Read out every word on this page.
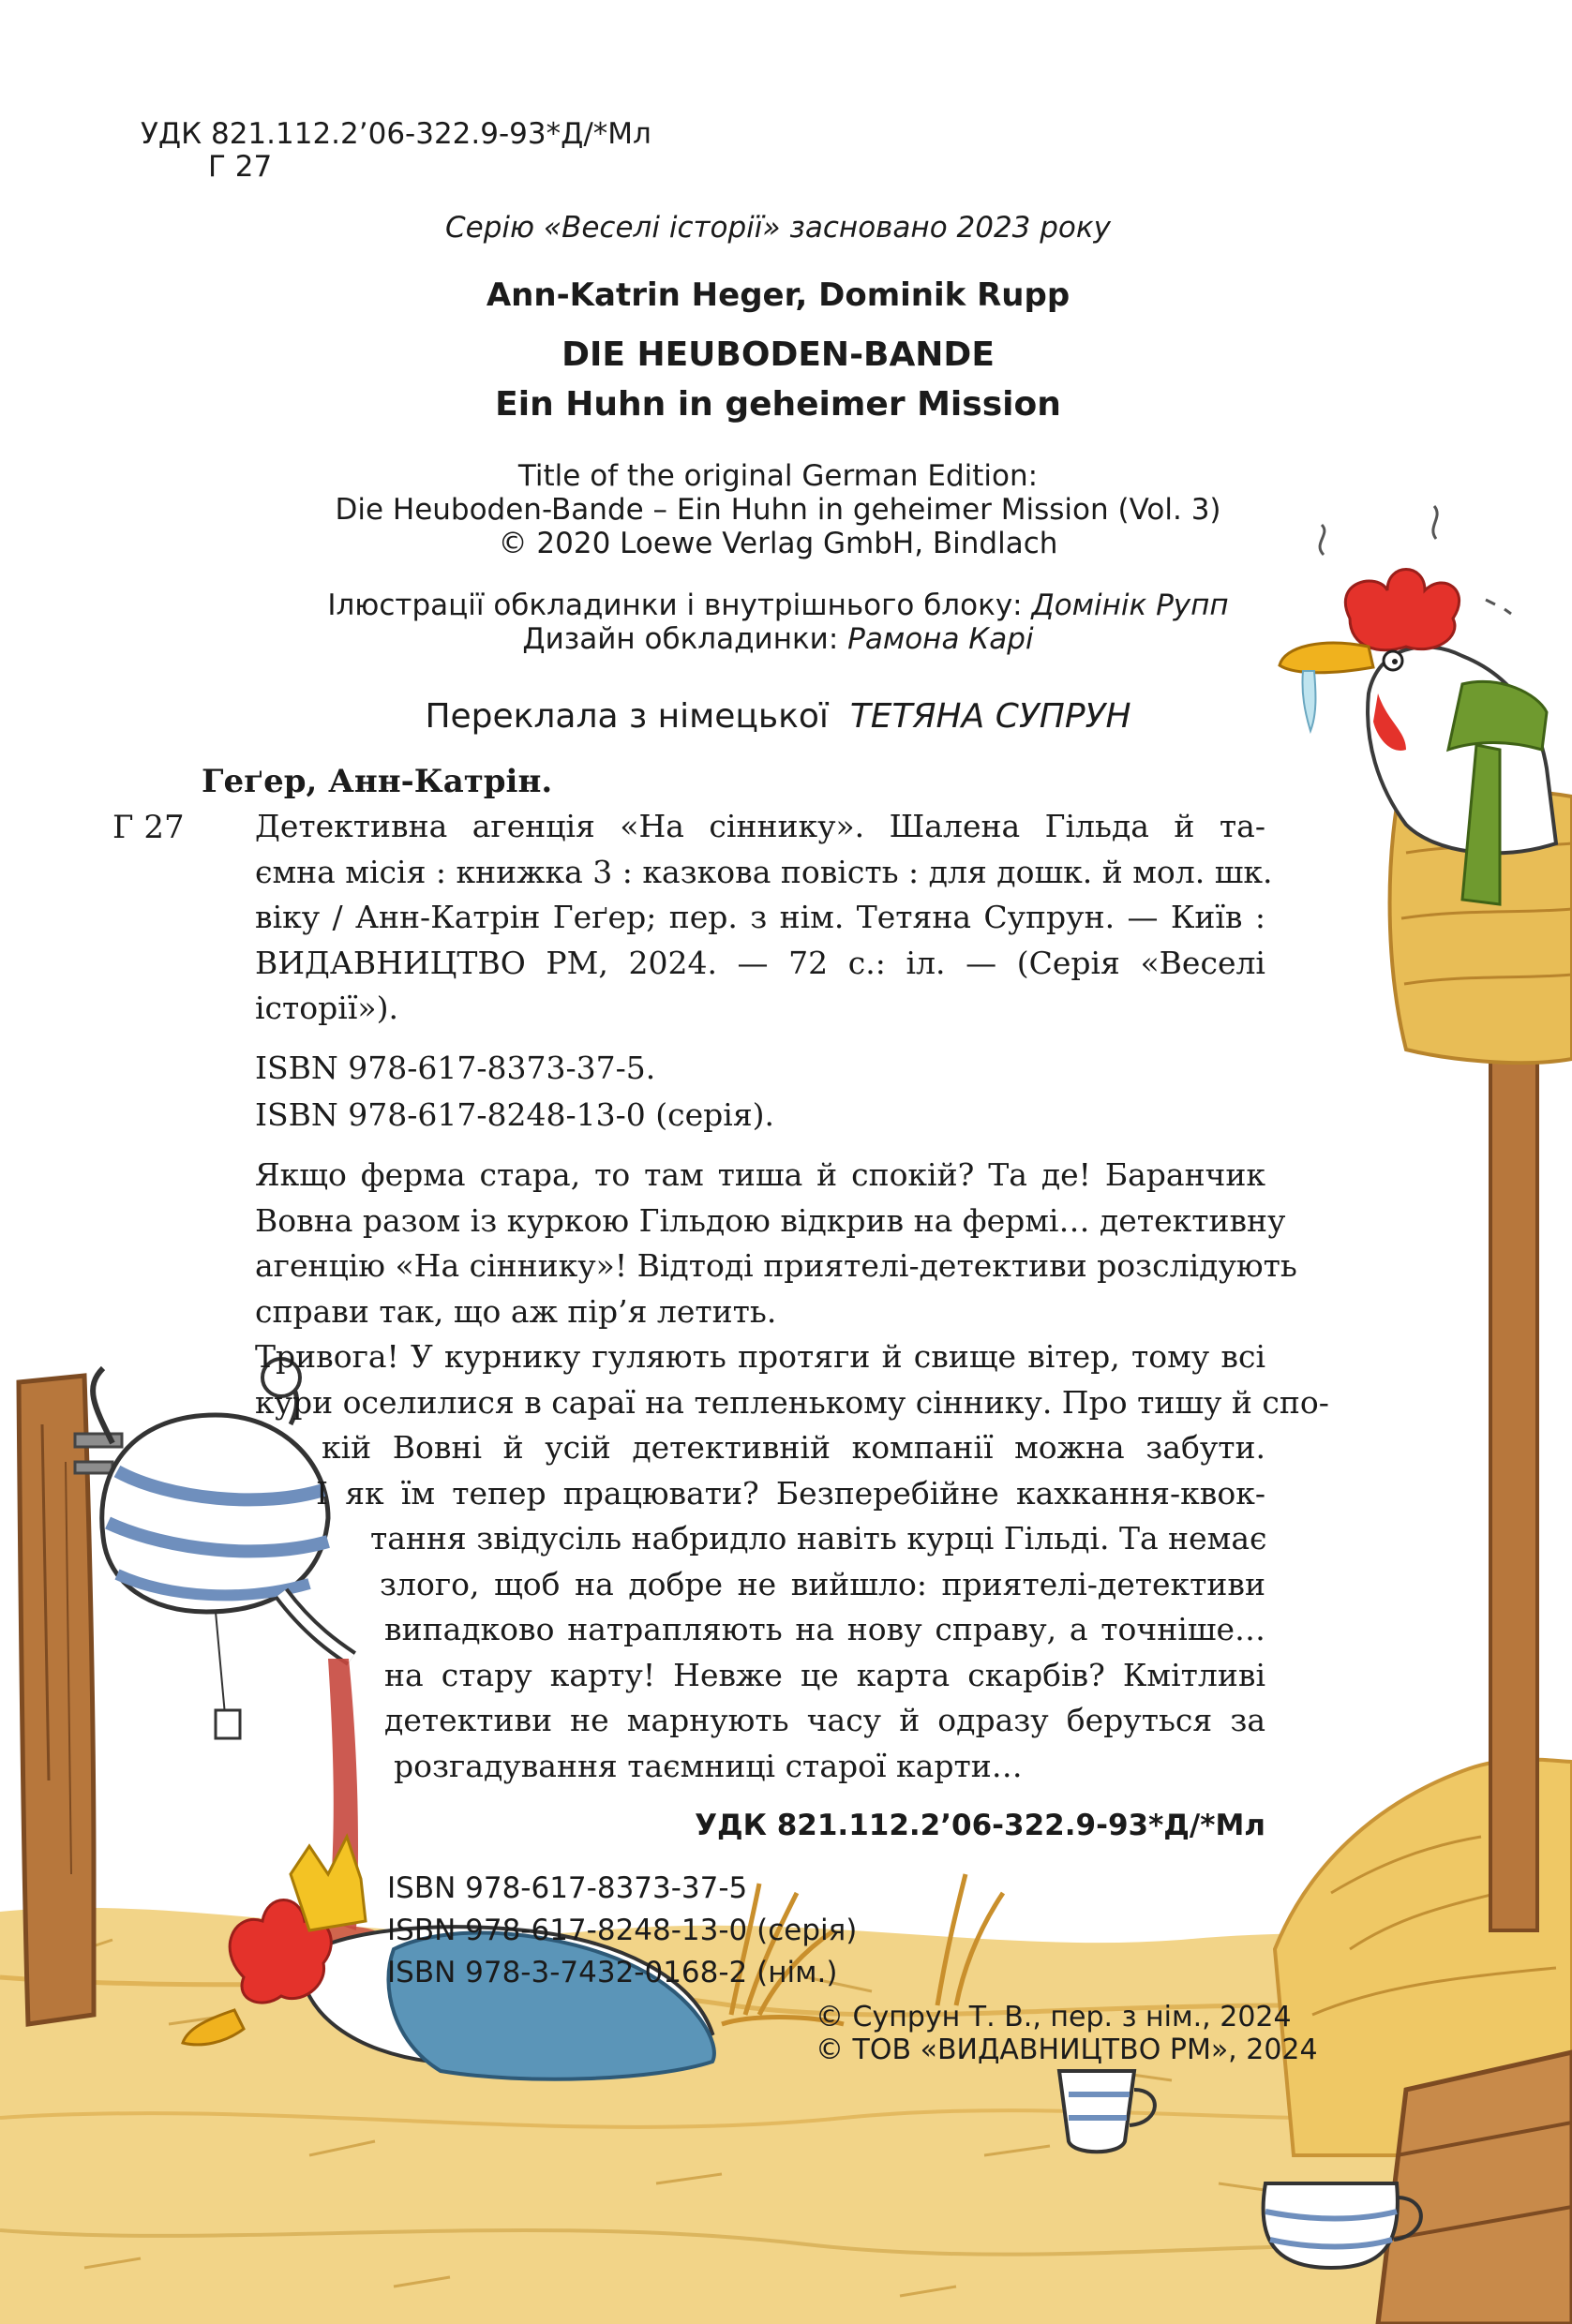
УДК 821.112.2’06-322.9-93*Д/*Мл

Г 27

Серію «Веселі історії» засновано 2023 року

Ann-Katrin Heger, Dominik Rupp

DIE HEUBODEN-BANDE

Ein Huhn in geheimer Mission

Title of the original German Edition:

Die Heuboden-Bande – Ein Huhn in geheimer Mission (Vol. 3)

© 2020 Loewe Verlag GmbH, Bindlach

Ілюстрації обкладинки і внутрішнього блоку: Домінік Рупп

Дизайн обкладинки: Рамона Карі

Переклала з німецької ТЕТЯНА СУПРУН

Геґер, Анн-Катрін.

Г 27 Детективна агенція «На сіннику». Шалена Гільда й та-
ємна місія : книжка 3 : казкова повість : для дошк. й мол. шк.
віку / Анн-Катрін Геґер; пер. з нім. Тетяна Супрун. — Київ :
ВИДАВНИЦТВО РМ, 2024. — 72 с.: іл. — (Серія «Веселі

історії»).

ISBN 978-617-8373-37-5.

ISBN 978-617-8248-13-0 (серія).

Якщо ферма стара, то там тиша й спокій? Та де! Баранчик
Вовна разом із куркою Гільдою відкрив на фермі… детективну
агенцію «На сіннику»! Відтоді приятелі-детективи розслідують
справи так, що аж пір’я летить.
Тривога! У курнику гуляють протяги й свище вітер, тому всі
кури оселилися в сараї на тепленькому сіннику. Про тишу й спо-
кій Вовні й усій детективній компанії можна забути.
І як їм тепер працювати? Безперебійне кахкання-квок-
тання звідусіль набридло навіть курці Гільді. Та немає
злого, щоб на добре не вийшло: приятелі-детективи
випадково натрапляють на нову справу, а точніше…
на стару карту! Невже це карта скарбів? Кмітливі
детективи не марнують часу й одразу беруться за

розгадування таємниці старої карти…

УДК 821.112.2’06-322.9-93*Д/*Мл

ISBN 978-617-8373-37-5

ISBN 978-617-8248-13-0 (серія)

ISBN 978-3-7432-0168-2 (нім.)

© Супрун Т. В., пер. з нім., 2024

© ТОВ «ВИДАВНИЦТВО РМ», 2024
